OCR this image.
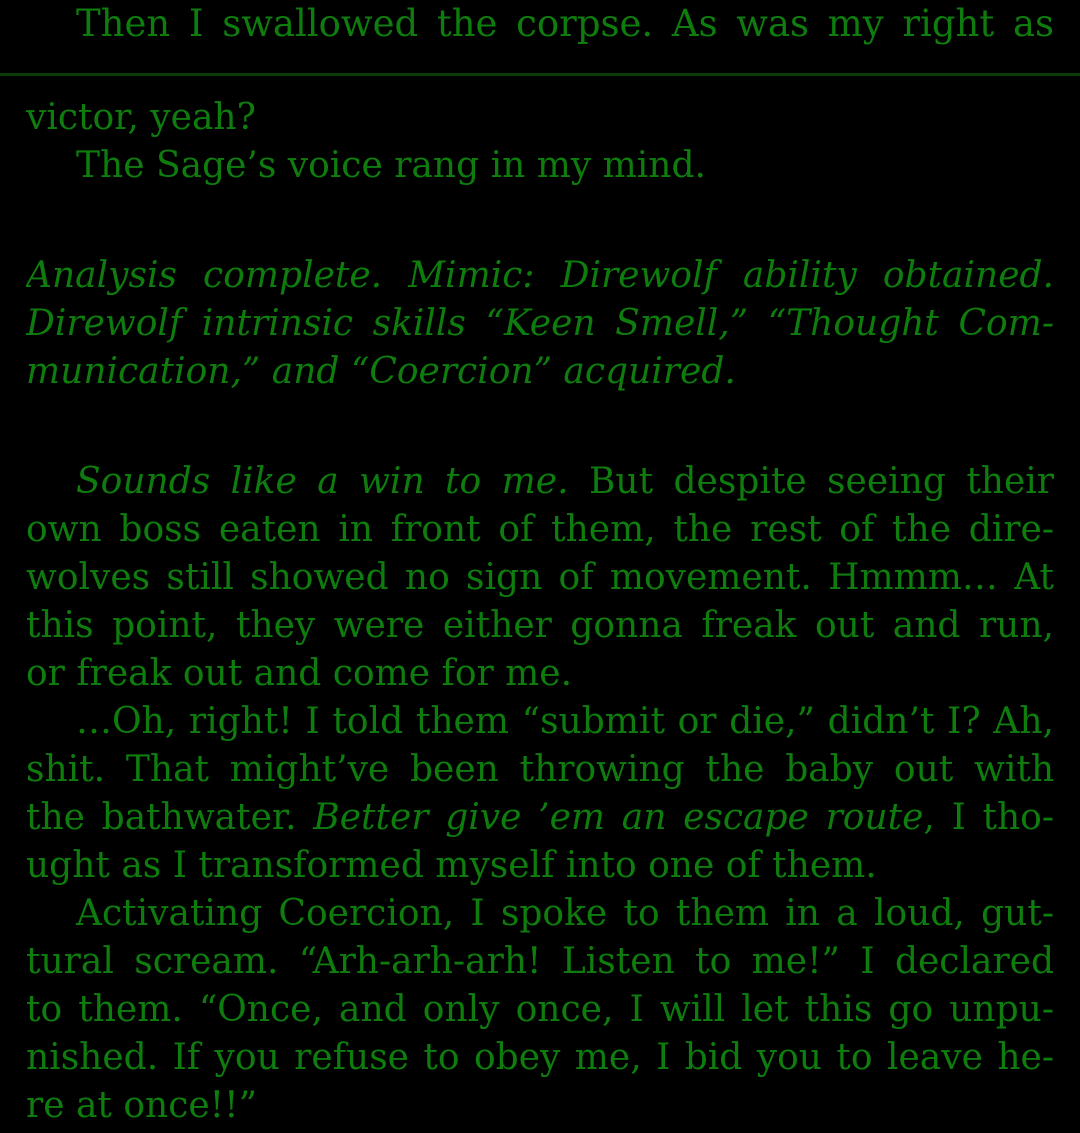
Then I swallowed the corpse. As was my right as
victor, yeah?
The Sage’s voice rang in my mind.
Analysis complete. Mimic: Direwolf ability obtained.
Direwolf intrinsic skills “Keen Smell,” “Thought Com-
munication,” and “Coercion” acquired.
Sounds like a win to me. But despite seeing their
own boss eaten in front of them, the rest of the dire-
wolves still showed no sign of movement. Hmmm… At
this point, they were either gonna freak out and run,
or freak out and come for me.
…Oh, right! I told them “submit or die,” didn’t I? Ah,
shit. That might’ve been throwing the baby out with
the bathwater. Better give ’em an escape route, I tho-
ught as I transformed myself into one of them.
Activating Coercion, I spoke to them in a loud, gut-
tural scream. “Arh-arh-arh! Listen to me!” I declared
to them. “Once, and only once, I will let this go unpu-
nished. If you refuse to obey me, I bid you to leave he-
re at once!!”
